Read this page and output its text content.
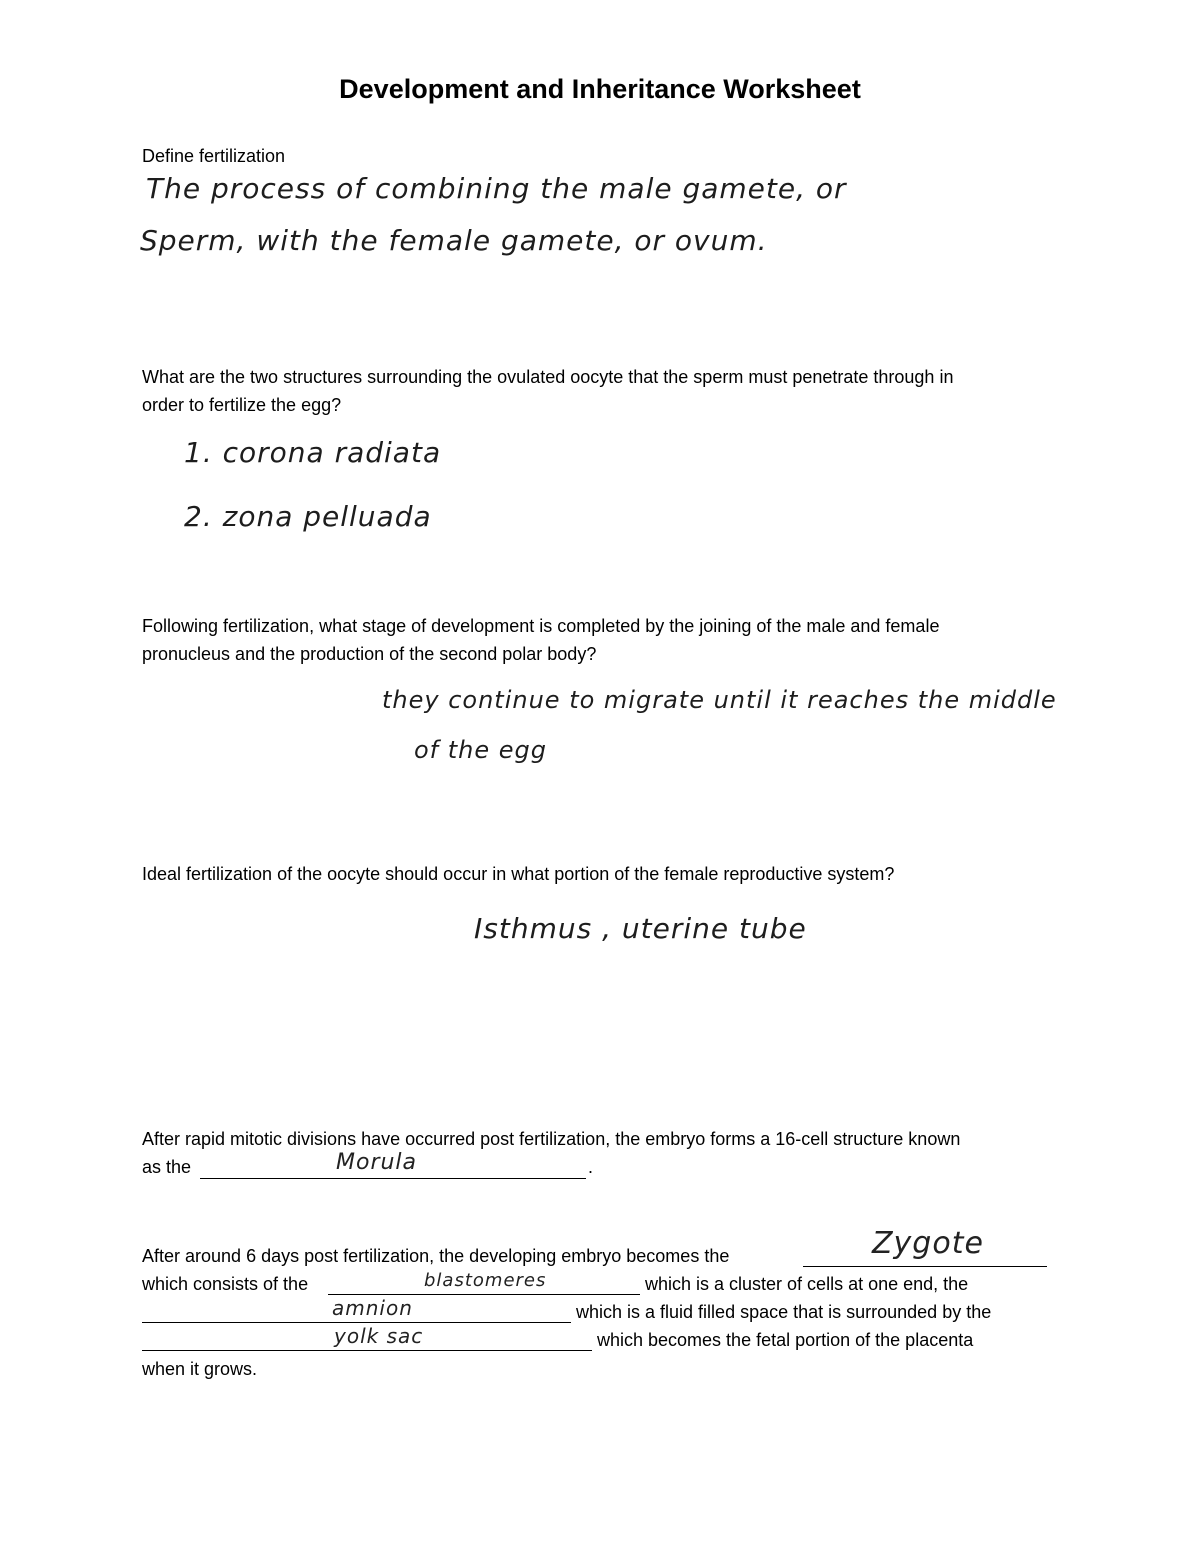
Development and Inheritance Worksheet
Define fertilization
The process of combining the male gamete, or
Sperm, with the female gamete, or ovum.
What are the two structures surrounding the ovulated oocyte that the sperm must penetrate through in
order to fertilize the egg?
1. corona radiata
2. zona pelluada
Following fertilization, what stage of development is completed by the joining of the male and female
pronucleus and the production of the second polar body?
they continue to migrate until it reaches the middle
of the egg
Ideal fertilization of the oocyte should occur in what portion of the female reproductive system?
Isthmus , uterine tube
After rapid mitotic divisions have occurred post fertilization, the embryo forms a 16-cell structure known
as the	Morula	.
After around 6 days post fertilization, the developing embryo becomes the	Zygote
which consists of the	blastomeres	which is a cluster of cells at one end, the
amnion	which is a fluid filled space that is surrounded by the
yolk sac	which becomes the fetal portion of the placenta
when it grows.
